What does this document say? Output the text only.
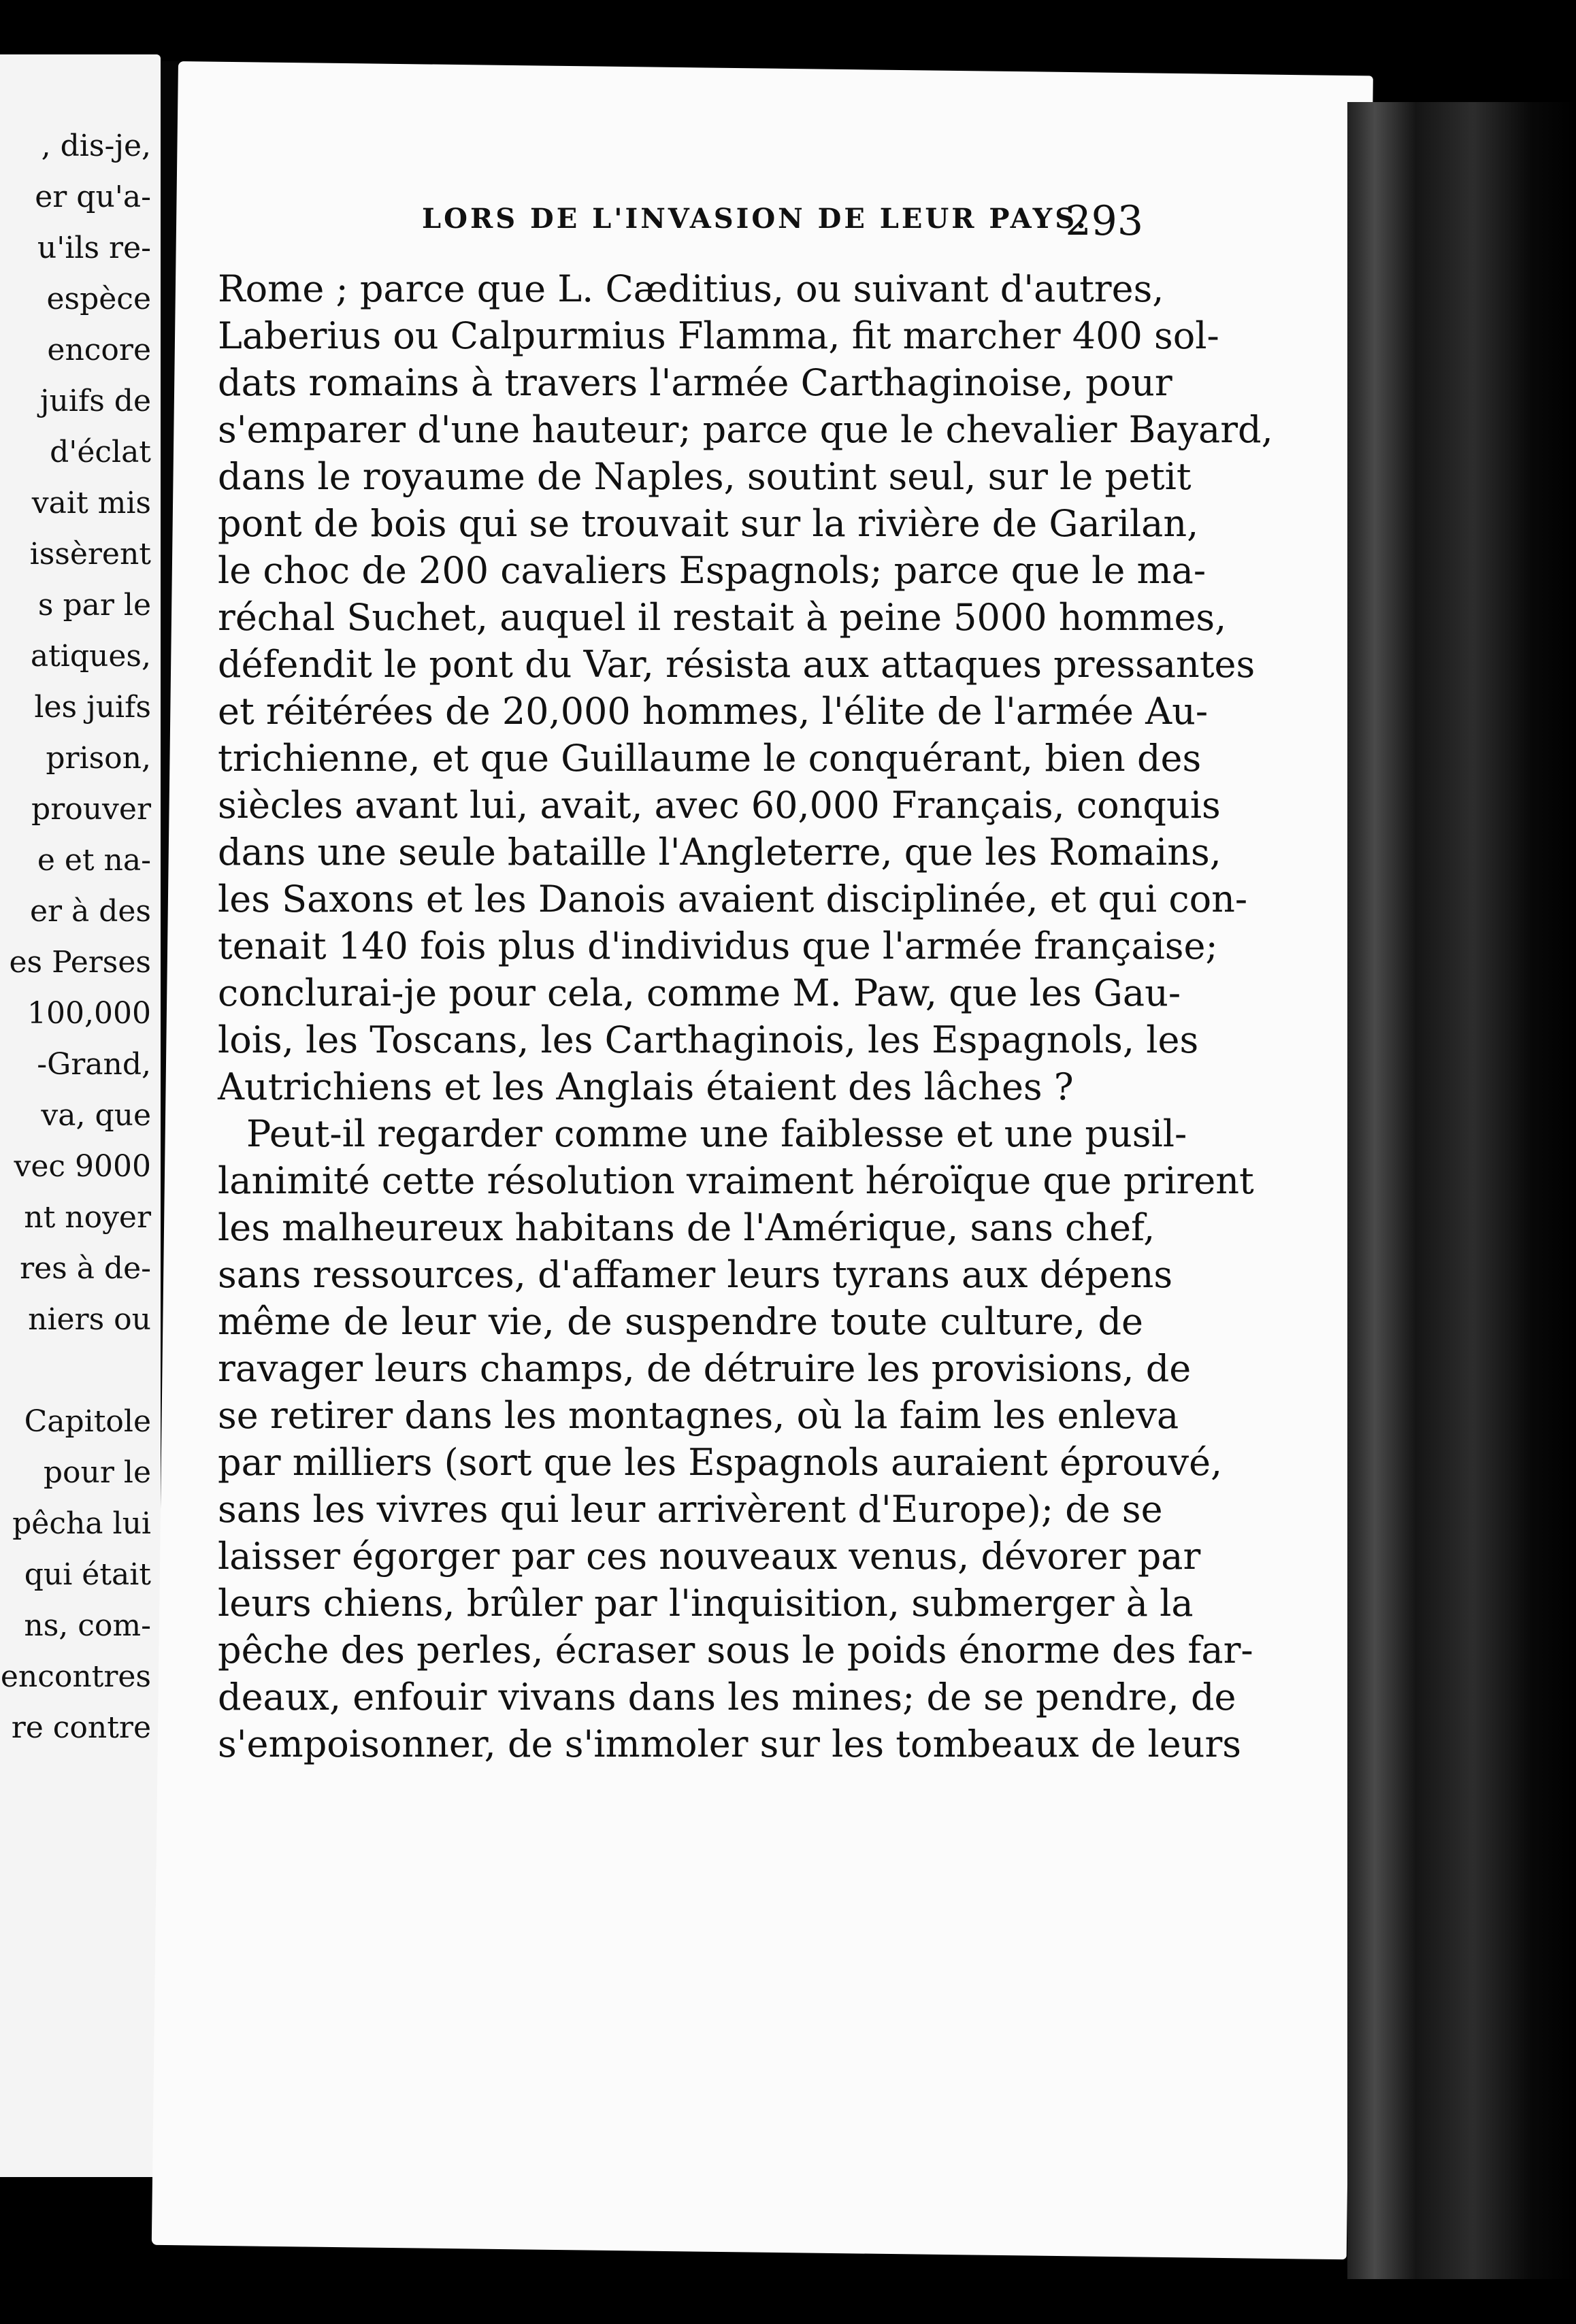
, dis-je,
er qu'a-
u'ils re-
espèce
encore
juifs de
d'éclat
vait mis
issèrent
s par le
atiques,
les juifs
prison,
prouver
e et na-
er à des
es Perses
100,000
-Grand,
va, que
vec 9000
nt noyer
res à de-
niers ou
Capitole
pour le
pêcha lui
qui était
ns, com-
encontres
re contre
LORS DE L'INVASION DE LEUR PAYS.
293
Rome ; parce que L. Cæditius, ou suivant d'autres,
Laberius ou Calpurmius Flamma, fit marcher 400 sol-
dats romains à travers l'armée Carthaginoise, pour
s'emparer d'une hauteur; parce que le chevalier Bayard,
dans le royaume de Naples, soutint seul, sur le petit
pont de bois qui se trouvait sur la rivière de Garilan,
le choc de 200 cavaliers Espagnols; parce que le ma-
réchal Suchet, auquel il restait à peine 5000 hommes,
défendit le pont du Var, résista aux attaques pressantes
et réitérées de 20,000 hommes, l'élite de l'armée Au-
trichienne, et que Guillaume le conquérant, bien des
siècles avant lui, avait, avec 60,000 Français, conquis
dans une seule bataille l'Angleterre, que les Romains,
les Saxons et les Danois avaient disciplinée, et qui con-
tenait 140 fois plus d'individus que l'armée française;
conclurai-je pour cela, comme M. Paw, que les Gau-
lois, les Toscans, les Carthaginois, les Espagnols, les
Autrichiens et les Anglais étaient des lâches ?
Peut-il regarder comme une faiblesse et une pusil-
lanimité cette résolution vraiment héroïque que prirent
les malheureux habitans de l'Amérique, sans chef,
sans ressources, d'affamer leurs tyrans aux dépens
même de leur vie, de suspendre toute culture, de
ravager leurs champs, de détruire les provisions, de
se retirer dans les montagnes, où la faim les enleva
par milliers (sort que les Espagnols auraient éprouvé,
sans les vivres qui leur arrivèrent d'Europe); de se
laisser égorger par ces nouveaux venus, dévorer par
leurs chiens, brûler par l'inquisition, submerger à la
pêche des perles, écraser sous le poids énorme des far-
deaux, enfouir vivans dans les mines; de se pendre, de
s'empoisonner, de s'immoler sur les tombeaux de leurs
